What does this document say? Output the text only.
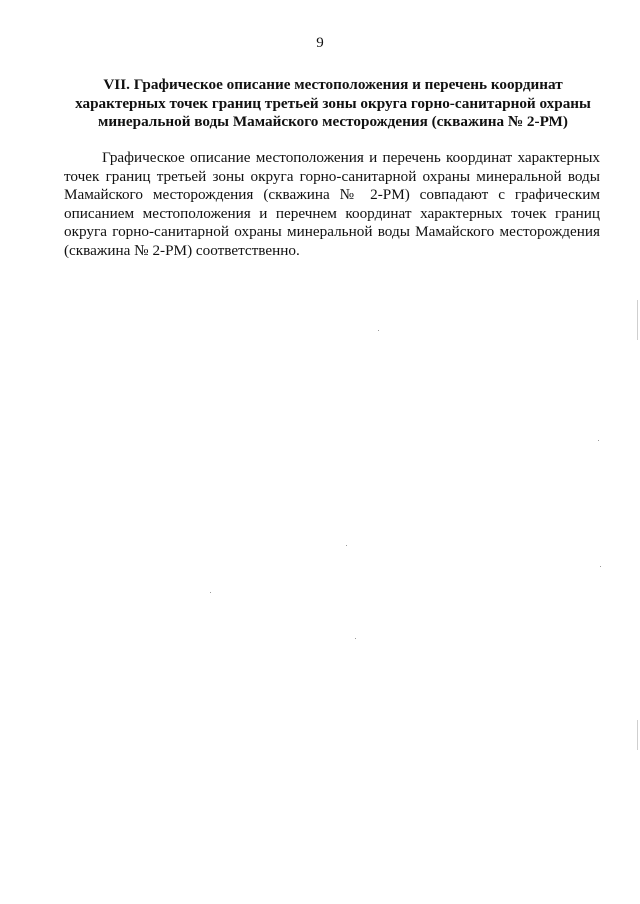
9
VII. Графическое описание местоположения и перечень координат
характерных точек границ третьей зоны округа горно-санитарной охраны
минеральной воды Мамайского месторождения (скважина № 2-РМ)

Графическое описание местоположения и перечень координат характерных
точек границ третьей зоны округа горно-санитарной охраны минеральной воды
Мамайского месторождения (скважина № 2-РМ) совпадают с графическим
описанием местоположения и перечнем координат характерных точек границ
округа горно-санитарной охраны минеральной воды Мамайского месторождения
(скважина № 2-РМ) соответственно.
